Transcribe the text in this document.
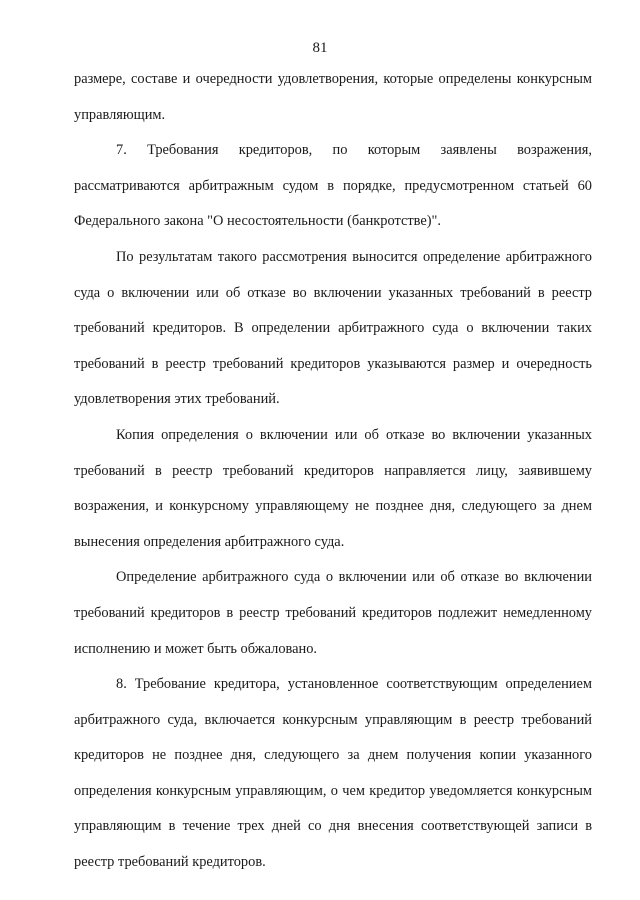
81

размере, составе и очередности удовлетворения, которые определены конкурсным управляющим.

7. Требования кредиторов, по которым заявлены возражения, рассматриваются арбитражным судом в порядке, предусмотренном статьей 60 Федерального закона "О несостоятельности (банкротстве)".

По результатам такого рассмотрения выносится определение арбитражного суда о включении или об отказе во включении указанных требований в реестр требований кредиторов. В определении арбитражного суда о включении таких требований в реестр требований кредиторов указываются размер и очередность удовлетворения этих требований.

Копия определения о включении или об отказе во включении указанных требований в реестр требований кредиторов направляется лицу, заявившему возражения, и конкурсному управляющему не позднее дня, следующего за днем вынесения определения арбитражного суда.

Определение арбитражного суда о включении или об отказе во включении требований кредиторов в реестр требований кредиторов подлежит немедленному исполнению и может быть обжаловано.

8. Требование кредитора, установленное соответствующим определением арбитражного суда, включается конкурсным управляющим в реестр требований кредиторов не позднее дня, следующего за днем получения копии указанного определения конкурсным управляющим, о чем кредитор уведомляется конкурсным управляющим в течение трех дней со дня внесения соответствующей записи в реестр требований кредиторов.
